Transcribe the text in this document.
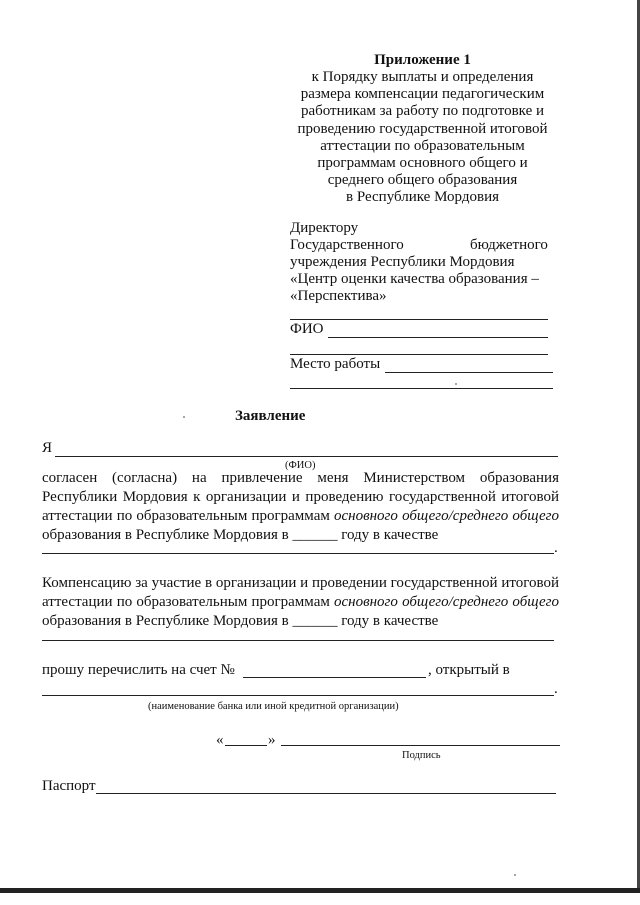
Приложение 1
к Порядку выплаты и определения
размера компенсации педагогическим
работникам за работу по подготовке и
проведению государственной итоговой
аттестации по образовательным
программам основного общего и
среднего общего образования
в Республике Мордовия
Директору
Государственного	бюджетного
учреждения Республики Мордовия
«Центр оценки качества образования –
«Перспектива»
ФИО
Место работы
Заявление
Я
(ФИО)
согласен (согласна) на привлечение меня Министерством образования
Республики Мордовия к организации и проведению государственной итоговой
аттестации по образовательным программам основного общего/среднего общего
образования в Республике Мордовия в ______ году в качестве
.
Компенсацию за участие в организации и проведении государственной итоговой
аттестации по образовательным программам основного общего/среднего общего
образования в Республике Мордовия в ______ году в качестве
прошу перечислить на счет №	, открытый в
.
(наименование банка или иной кредитной организации)
«	»
Подпись
Паспорт
